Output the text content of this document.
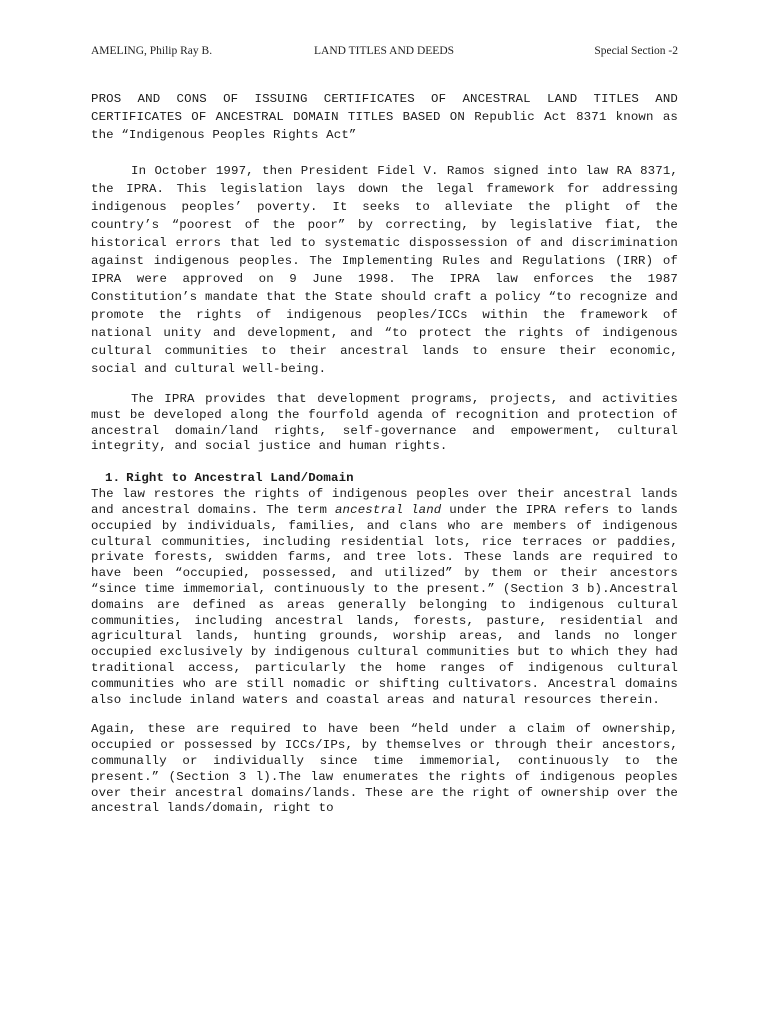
AMELING, Philip Ray B.	LAND TITLES AND DEEDS	Special Section -2

PROS AND CONS OF ISSUING CERTIFICATES OF ANCESTRAL LAND TITLES AND CERTIFICATES OF ANCESTRAL DOMAIN TITLES BASED ON Republic Act 8371 known as the “Indigenous Peoples Rights Act”

In October 1997, then President Fidel V. Ramos signed into law RA 8371, the IPRA. This legislation lays down the legal framework for addressing indigenous peoples’ poverty. It seeks to alleviate the plight of the country’s “poorest of the poor” by correcting, by legislative fiat, the historical errors that led to systematic dispossession of and discrimination against indigenous peoples. The Implementing Rules and Regulations (IRR) of IPRA were approved on 9 June 1998. The IPRA law enforces the 1987 Constitution’s mandate that the State should craft a policy “to recognize and promote the rights of indigenous peoples/ICCs within the framework of national unity and development, and “to protect the rights of indigenous cultural communities to their ancestral lands to ensure their economic, social and cultural well-being.

The IPRA provides that development programs, projects, and activities must be developed along the fourfold agenda of recognition and protection of ancestral domain/land rights, self-governance and empowerment, cultural integrity, and social justice and human rights.

1. Right to Ancestral Land/Domain

The law restores the rights of indigenous peoples over their ancestral lands and ancestral domains. The term ancestral land under the IPRA refers to lands occupied by individuals, families, and clans who are members of indigenous cultural communities, including residential lots, rice terraces or paddies, private forests, swidden farms, and tree lots. These lands are required to have been “occupied, possessed, and utilized” by them or their ancestors “since time immemorial, continuously to the present.” (Section 3 b).Ancestral domains are defined as areas generally belonging to indigenous cultural communities, including ancestral lands, forests, pasture, residential and agricultural lands, hunting grounds, worship areas, and lands no longer occupied exclusively by indigenous cultural communities but to which they had traditional access, particularly the home ranges of indigenous cultural communities who are still nomadic or shifting cultivators. Ancestral domains also include inland waters and coastal areas and natural resources therein.

Again, these are required to have been “held under a claim of ownership, occupied or possessed by ICCs/IPs, by themselves or through their ancestors, communally or individually since time immemorial, continuously to the present.” (Section 3 l).The law enumerates the rights of indigenous peoples over their ancestral domains/lands. These are the right of ownership over the ancestral lands/domain, right to
